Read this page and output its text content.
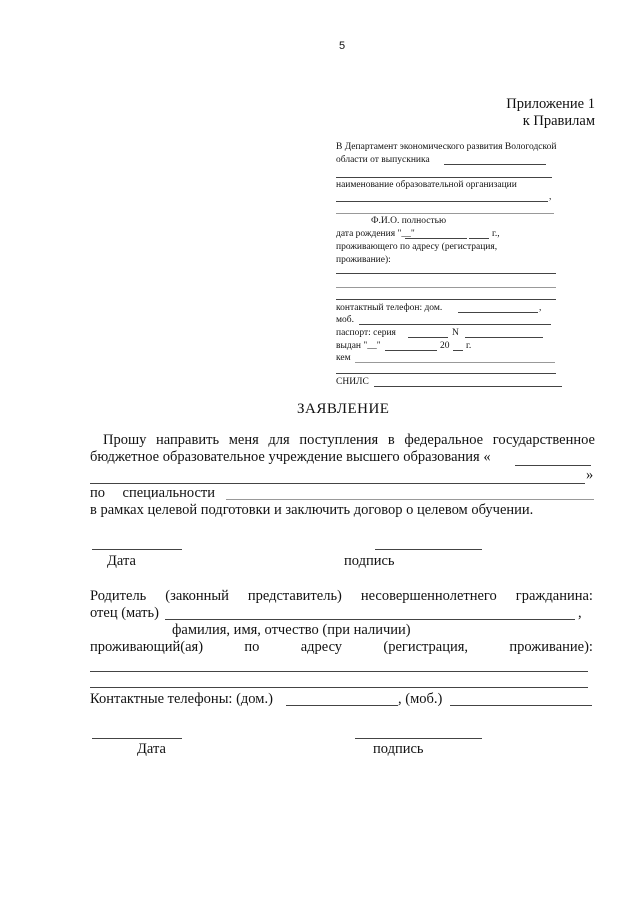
5
Приложение 1
к Правилам
В Департамент экономического развития Вологодской
области от выпускника
наименование образовательной организации
,
Ф.И.О. полностью
дата рождения "__"	г.,
проживающего по адресу (регистрация,
проживание):
контактный телефон: дом.	,
моб.
паспорт: серия	N
выдан "__"	20 г.
кем
СНИЛС
ЗАЯВЛЕНИЕ
Прошу направить меня для поступления в федеральное государственное
бюджетное образовательное учреждение высшего образования «
»
по специальности
в рамках целевой подготовки и заключить договор о целевом обучении.
Дата	подпись
Родитель (законный представитель) несовершеннолетнего гражданина:
отец (мать)	,
фамилия, имя, отчество (при наличии)
проживающий(ая)	по	адресу	(регистрация,	проживание):
Контактные телефоны: (дом.)	, (моб.)
Дата	подпись
